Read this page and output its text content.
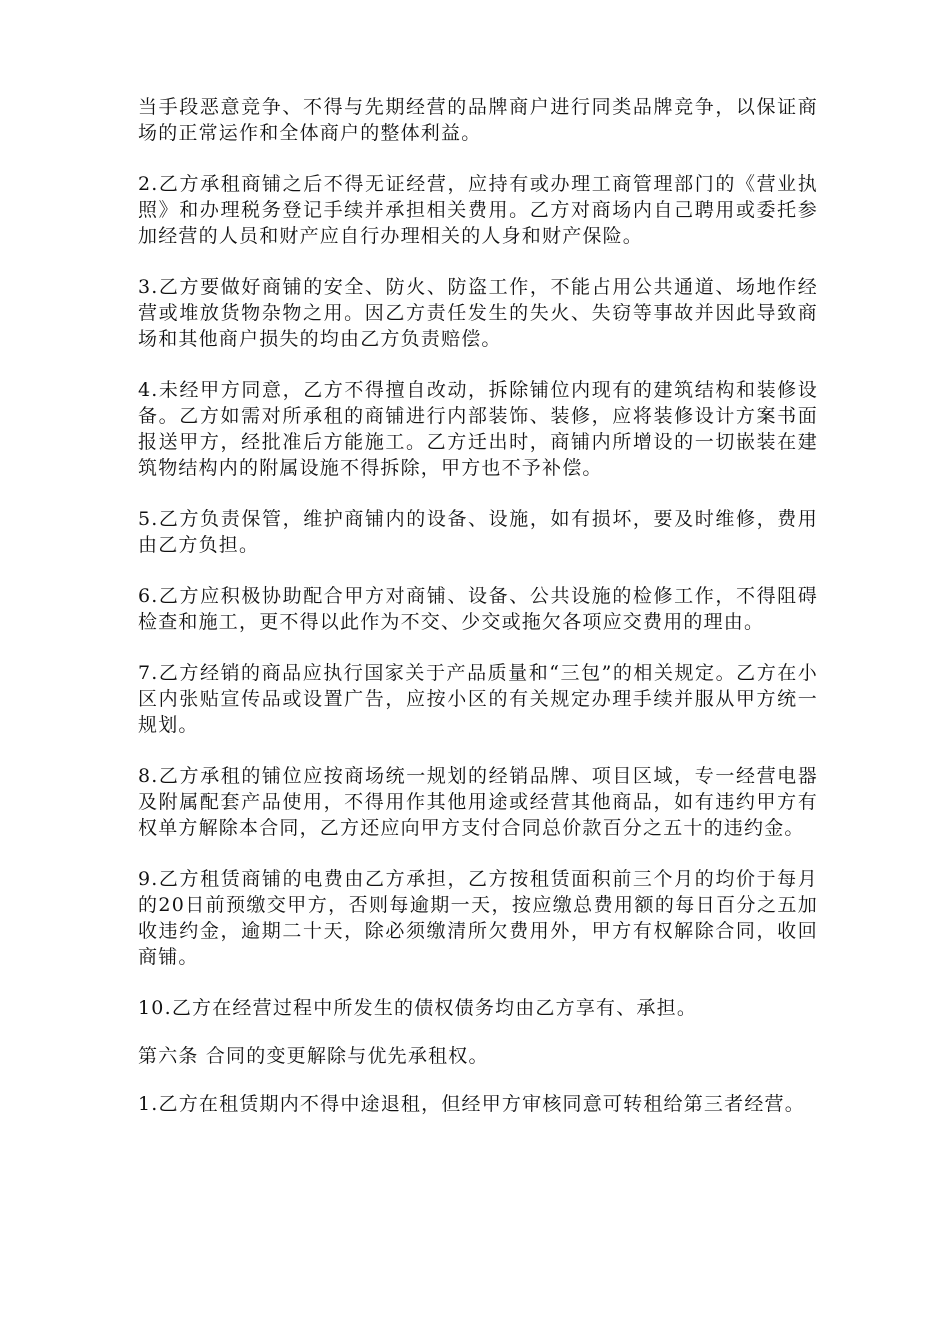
当手段恶意竞争、不得与先期经营的品牌商户进行同类品牌竞争，以保证商场的正常运作和全体商户的整体利益。

2.乙方承租商铺之后不得无证经营，应持有或办理工商管理部门的《营业执照》和办理税务登记手续并承担相关费用。乙方对商场内自己聘用或委托参加经营的人员和财产应自行办理相关的人身和财产保险。

3.乙方要做好商铺的安全、防火、防盗工作，不能占用公共通道、场地作经营或堆放货物杂物之用。因乙方责任发生的失火、失窃等事故并因此导致商场和其他商户损失的均由乙方负责赔偿。

4.未经甲方同意，乙方不得擅自改动，拆除铺位内现有的建筑结构和装修设备。乙方如需对所承租的商铺进行内部装饰、装修，应将装修设计方案书面报送甲方，经批准后方能施工。乙方迁出时，商铺内所增设的一切嵌装在建筑物结构内的附属设施不得拆除，甲方也不予补偿。

5.乙方负责保管，维护商铺内的设备、设施，如有损坏，要及时维修，费用由乙方负担。

6.乙方应积极协助配合甲方对商铺、设备、公共设施的检修工作，不得阻碍检查和施工，更不得以此作为不交、少交或拖欠各项应交费用的理由。

7.乙方经销的商品应执行国家关于产品质量和“三包”的相关规定。乙方在小区内张贴宣传品或设置广告，应按小区的有关规定办理手续并服从甲方统一规划。

8.乙方承租的铺位应按商场统一规划的经销品牌、项目区域，专一经营电器及附属配套产品使用，不得用作其他用途或经营其他商品，如有违约甲方有权单方解除本合同，乙方还应向甲方支付合同总价款百分之五十的违约金。

9.乙方租赁商铺的电费由乙方承担，乙方按租赁面积前三个月的均价于每月的20日前预缴交甲方，否则每逾期一天，按应缴总费用额的每日百分之五加收违约金，逾期二十天，除必须缴清所欠费用外，甲方有权解除合同，收回商铺。

10.乙方在经营过程中所发生的债权债务均由乙方享有、承担。

第六条 合同的变更解除与优先承租权。

1.乙方在租赁期内不得中途退租，但经甲方审核同意可转租给第三者经营。
